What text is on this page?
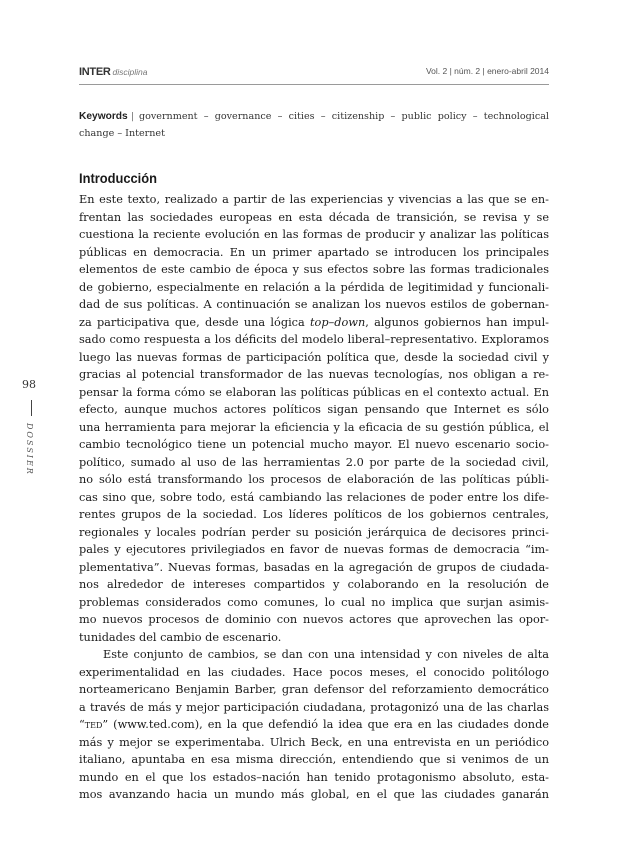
INTER disciplina	Vol. 2 | núm. 2 | enero-abril 2014
Keywords | government – governance – cities – citizenship – public policy – technological
change – Internet
Introducción

En este texto, realizado a partir de las experiencias y vivencias a las que se en-
frentan las sociedades europeas en esta década de transición, se revisa y se
cuestiona la reciente evolución en las formas de producir y analizar las políticas
públicas en democracia. En un primer apartado se introducen los principales
elementos de este cambio de época y sus efectos sobre las formas tradicionales
de gobierno, especialmente en relación a la pérdida de legitimidad y funcionali-
dad de sus políticas. A continuación se analizan los nuevos estilos de gobernan-
za participativa que, desde una lógica top–down, algunos gobiernos han impul-
sado como respuesta a los déficits del modelo liberal–representativo. Exploramos
luego las nuevas formas de participación política que, desde la sociedad civil y
gracias al potencial transformador de las nuevas tecnologías, nos obligan a re-
pensar la forma cómo se elaboran las políticas públicas en el contexto actual. En
efecto, aunque muchos actores políticos sigan pensando que Internet es sólo
una herramienta para mejorar la eficiencia y la eficacia de su gestión pública, el
cambio tecnológico tiene un potencial mucho mayor. El nuevo escenario socio-
político, sumado al uso de las herramientas 2.0 por parte de la sociedad civil,
no sólo está transformando los procesos de elaboración de las políticas públi-
cas sino que, sobre todo, está cambiando las relaciones de poder entre los dife-
rentes grupos de la sociedad. Los líderes políticos de los gobiernos centrales,
regionales y locales podrían perder su posición jerárquica de decisores princi-
pales y ejecutores privilegiados en favor de nuevas formas de democracia “im-
plementativa”. Nuevas formas, basadas en la agregación de grupos de ciudada-
nos alrededor de intereses compartidos y colaborando en la resolución de
problemas considerados como comunes, lo cual no implica que surjan asimis-
mo nuevos procesos de dominio con nuevos actores que aprovechen las opor-
tunidades del cambio de escenario.

Este conjunto de cambios, se dan con una intensidad y con niveles de alta
experimentalidad en las ciudades. Hace pocos meses, el conocido politólogo
norteamericano Benjamin Barber, gran defensor del reforzamiento democrático
a través de más y mejor participación ciudadana, protagonizó una de las charlas
“ted” (www.ted.com), en la que defendió la idea que era en las ciudades donde
más y mejor se experimentaba. Ulrich Beck, en una entrevista en un periódico
italiano, apuntaba en esa misma dirección, entendiendo que si venimos de un
mundo en el que los estados–nación han tenido protagonismo absoluto, esta-
mos avanzando hacia un mundo más global, en el que las ciudades ganarán

98
DOSSIER
